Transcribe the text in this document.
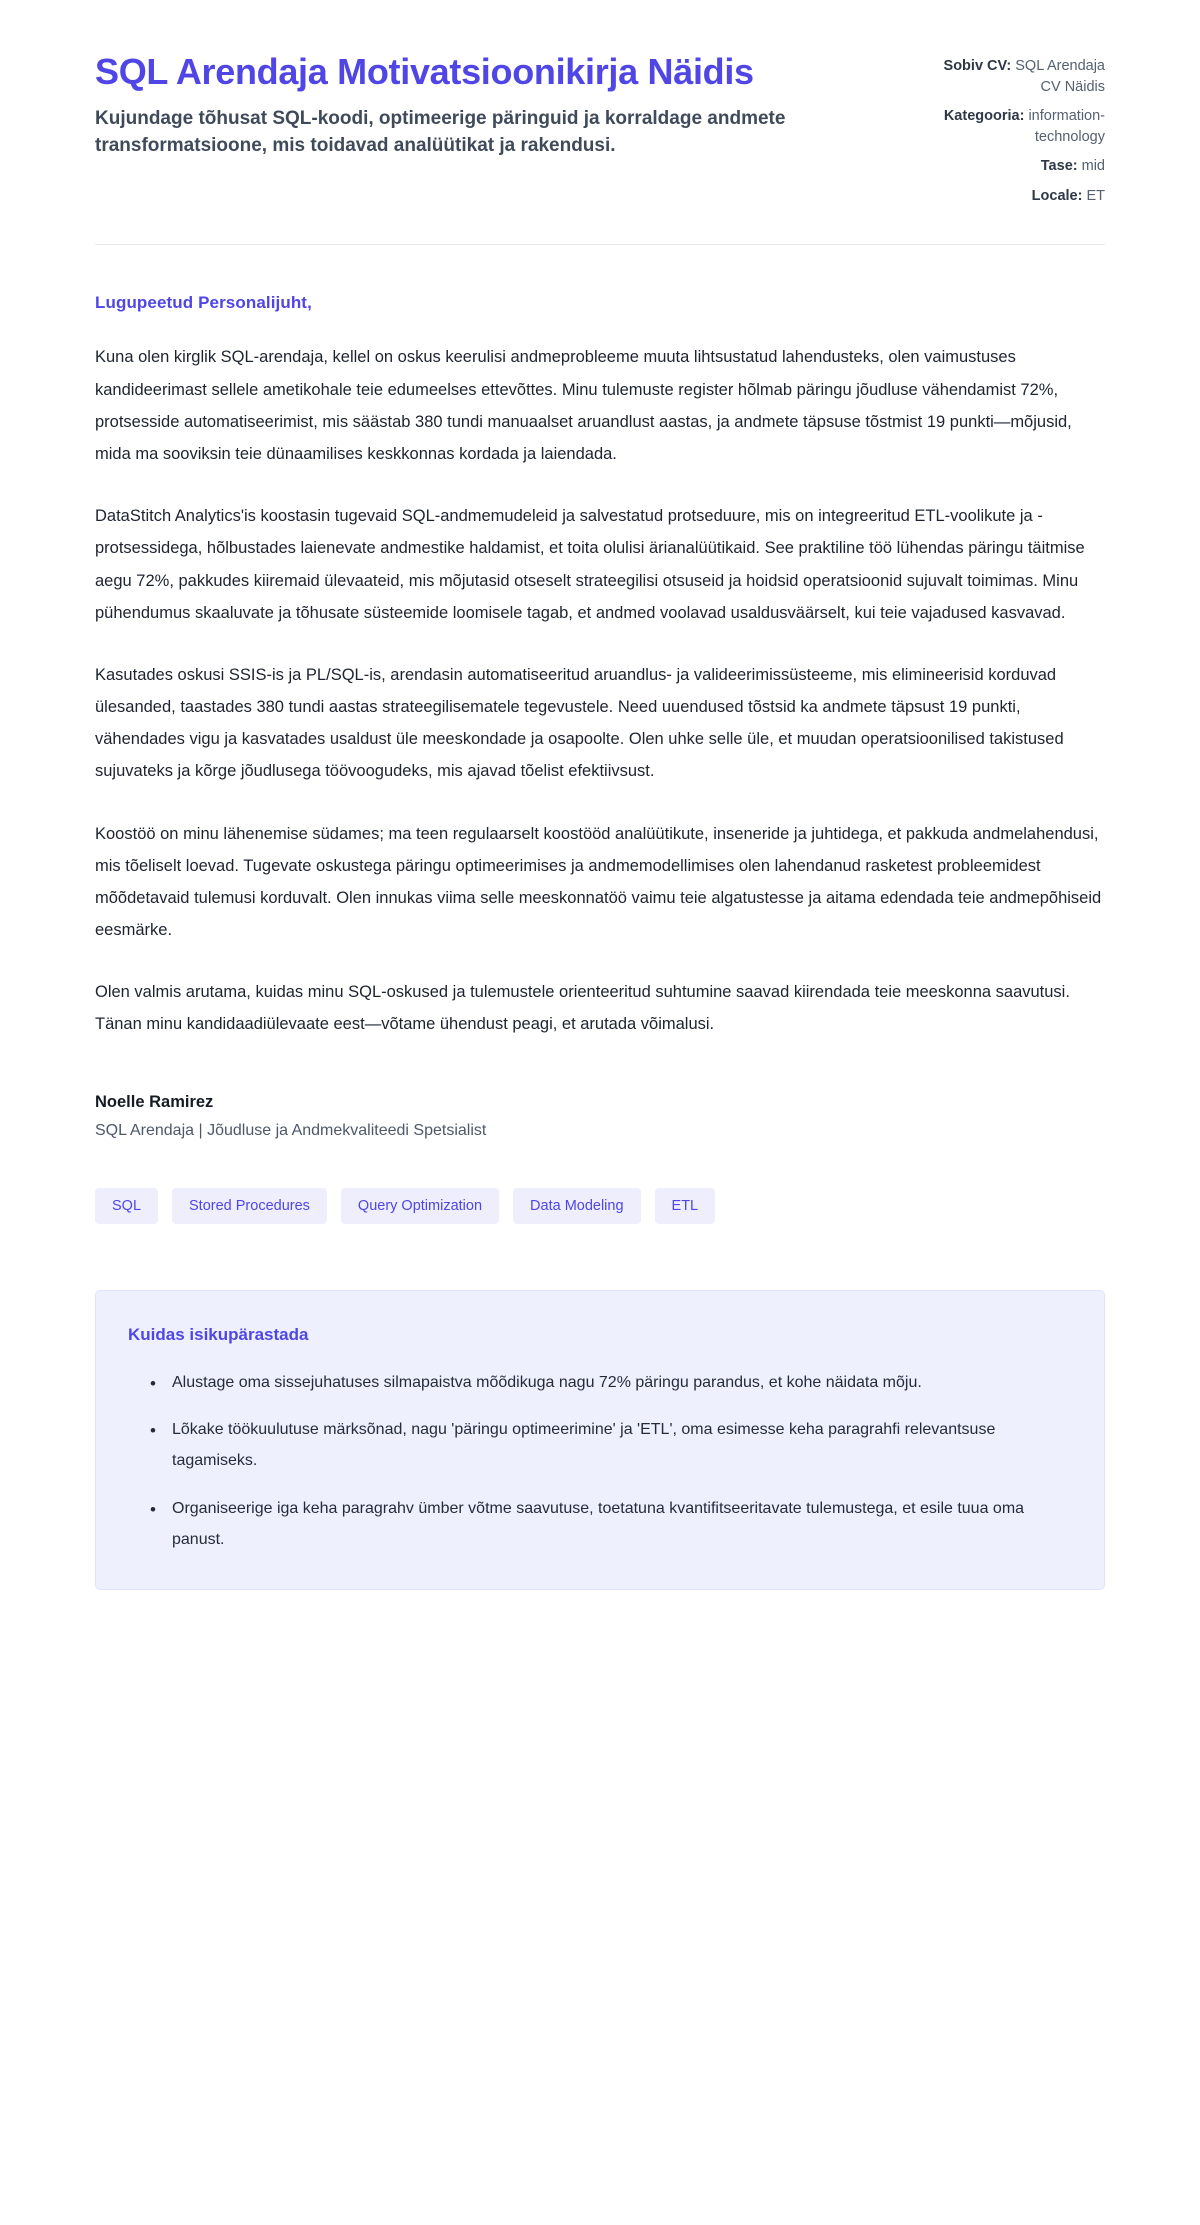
SQL Arendaja Motivatsioonikirja Näidis

Kujundage tõhusat SQL-koodi, optimeerige päringuid ja korraldage andmete transformatsioone, mis toidavad analüütikat ja rakendusi.

Sobiv CV: SQL Arendaja CV Näidis
Kategooria: information-technology
Tase: mid
Locale: ET

Lugupeetud Personalijuht,

Kuna olen kirglik SQL-arendaja, kellel on oskus keerulisi andmeprobleeme muuta lihtsustatud lahendusteks, olen vaimustuses kandideerimast sellele ametikohale teie edumeelses ettevõttes. Minu tulemuste register hõlmab päringu jõudluse vähendamist 72%, protsesside automatiseerimist, mis säästab 380 tundi manuaalset aruandlust aastas, ja andmete täpsuse tõstmist 19 punkti—mõjusid, mida ma sooviksin teie dünaamilises keskkonnas kordada ja laiendada.

DataStitch Analytics'is koostasin tugevaid SQL-andmemudeleid ja salvestatud protseduure, mis on integreeritud ETL-voolikute ja -protsessidega, hõlbustades laienevate andmestike haldamist, et toita olulisi ärianalüütikaid. See praktiline töö lühendas päringu täitmise aegu 72%, pakkudes kiiremaid ülevaateid, mis mõjutasid otseselt strateegilisi otsuseid ja hoidsid operatsioonid sujuvalt toimimas. Minu pühendumus skaaluvate ja tõhusate süsteemide loomisele tagab, et andmed voolavad usaldusväärselt, kui teie vajadused kasvavad.

Kasutades oskusi SSIS-is ja PL/SQL-is, arendasin automatiseeritud aruandlus- ja valideerimissüsteeme, mis elimineerisid korduvad ülesanded, taastades 380 tundi aastas strateegilisematele tegevustele. Need uuendused tõstsid ka andmete täpsust 19 punkti, vähendades vigu ja kasvatades usaldust üle meeskondade ja osapoolte. Olen uhke selle üle, et muudan operatsioonilised takistused sujuvateks ja kõrge jõudlusega töövoogudeks, mis ajavad tõelist efektiivsust.

Koostöö on minu lähenemise südames; ma teen regulaarselt koostööd analüütikute, inseneride ja juhtidega, et pakkuda andmelahendusi, mis tõeliselt loevad. Tugevate oskustega päringu optimeerimises ja andmemodellimises olen lahendanud rasketest probleemidest mõõdetavaid tulemusi korduvalt. Olen innukas viima selle meeskonnatöö vaimu teie algatustesse ja aitama edendada teie andmepõhiseid eesmärke.

Olen valmis arutama, kuidas minu SQL-oskused ja tulemustele orienteeritud suhtumine saavad kiirendada teie meeskonna saavutusi. Tänan minu kandidaadiülevaate eest—võtame ühendust peagi, et arutada võimalusi.

Noelle Ramirez

SQL Arendaja | Jõudluse ja Andmekvaliteedi Spetsialist

SQL	Stored Procedures	Query Optimization	Data Modeling	ETL
Kuidas isikupärastada
• Alustage oma sissejuhatuses silmapaistva mõõdikuga nagu 72% päringu parandus, et kohe näidata mõju.
• Lõkake töökuulutuse märksõnad, nagu 'päringu optimeerimine' ja 'ETL', oma esimesse keha paragrahfi relevantsuse tagamiseks.
• Organiseerige iga keha paragrahv ümber võtme saavutuse, toetatuna kvantifitseeritavate tulemustega, et esile tuua oma panust.
